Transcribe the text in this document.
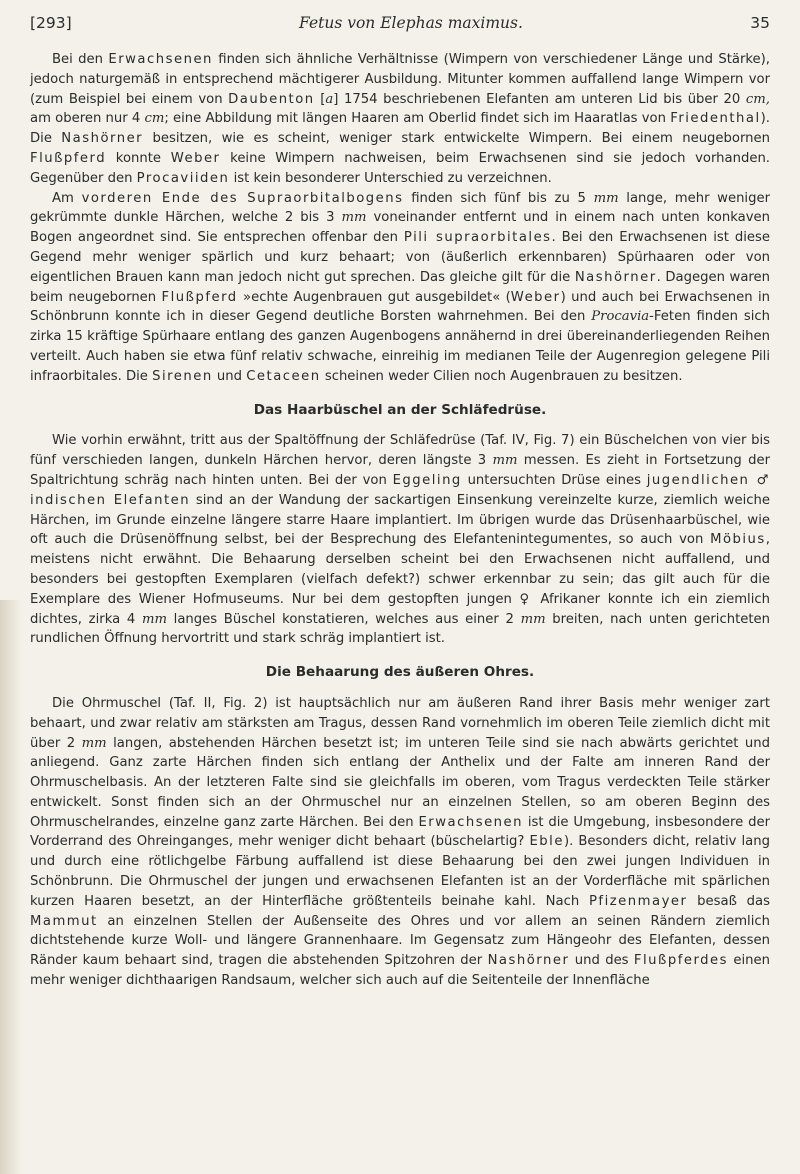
[293]	Fetus von Elephas maximus.	35

Bei den Erwachsenen finden sich ähnliche Verhältnisse (Wimpern von verschiedener Länge und Stärke), jedoch naturgemäß in entsprechend mächtigerer Ausbildung. Mitunter kommen auffallend lange Wimpern vor (zum Beispiel bei einem von Daubenton [a] 1754 beschriebenen Elefanten am unteren Lid bis über 20 cm, am oberen nur 4 cm; eine Abbildung mit längen Haaren am Oberlid findet sich im Haaratlas von Friedenthal). Die Nashörner besitzen, wie es scheint, weniger stark entwickelte Wimpern. Bei einem neugebornen Flußpferd konnte Weber keine Wimpern nachweisen, beim Erwachsenen sind sie jedoch vorhanden. Gegenüber den Procaviiden ist kein besonderer Unterschied zu verzeichnen.

Am vorderen Ende des Supraorbitalbogens finden sich fünf bis zu 5 mm lange, mehr weniger gekrümmte dunkle Härchen, welche 2 bis 3 mm voneinander entfernt und in einem nach unten konkaven Bogen angeordnet sind. Sie entsprechen offenbar den Pili supraorbitales. Bei den Erwachsenen ist diese Gegend mehr weniger spärlich und kurz behaart; von (äußerlich erkennbaren) Spürhaaren oder von eigentlichen Brauen kann man jedoch nicht gut sprechen. Das gleiche gilt für die Nashörner. Dagegen waren beim neugebornen Flußpferd »echte Augenbrauen gut ausgebildet« (Weber) und auch bei Erwachsenen in Schönbrunn konnte ich in dieser Gegend deutliche Borsten wahrnehmen. Bei den Procavia-Feten finden sich zirka 15 kräftige Spürhaare entlang des ganzen Augenbogens annähernd in drei übereinanderliegenden Reihen verteilt. Auch haben sie etwa fünf relativ schwache, einreihig im medianen Teile der Augenregion gelegene Pili infraorbitales. Die Sirenen und Cetaceen scheinen weder Cilien noch Augenbrauen zu besitzen.

Das Haarbüschel an der Schläfedrüse.

Wie vorhin erwähnt, tritt aus der Spaltöffnung der Schläfedrüse (Taf. IV, Fig. 7) ein Büschelchen von vier bis fünf verschieden langen, dunkeln Härchen hervor, deren längste 3 mm messen. Es zieht in Fortsetzung der Spaltrichtung schräg nach hinten unten. Bei der von Eggeling untersuchten Drüse eines jugendlichen ♂ indischen Elefanten sind an der Wandung der sackartigen Einsenkung vereinzelte kurze, ziemlich weiche Härchen, im Grunde einzelne längere starre Haare implantiert. Im übrigen wurde das Drüsenhaarbüschel, wie oft auch die Drüsenöffnung selbst, bei der Besprechung des Elefantenintegumentes, so auch von Möbius, meistens nicht erwähnt. Die Behaarung derselben scheint bei den Erwachsenen nicht auffallend, und besonders bei gestopften Exemplaren (vielfach defekt?) schwer erkennbar zu sein; das gilt auch für die Exemplare des Wiener Hofmuseums. Nur bei dem gestopften jungen ♀ Afrikaner konnte ich ein ziemlich dichtes, zirka 4 mm langes Büschel konstatieren, welches aus einer 2 mm breiten, nach unten gerichteten rundlichen Öffnung hervortritt und stark schräg implantiert ist.

Die Behaarung des äußeren Ohres.

Die Ohrmuschel (Taf. II, Fig. 2) ist hauptsächlich nur am äußeren Rand ihrer Basis mehr weniger zart behaart, und zwar relativ am stärksten am Tragus, dessen Rand vornehmlich im oberen Teile ziemlich dicht mit über 2 mm langen, abstehenden Härchen besetzt ist; im unteren Teile sind sie nach abwärts gerichtet und anliegend. Ganz zarte Härchen finden sich entlang der Anthelix und der Falte am inneren Rand der Ohrmuschelbasis. An der letzteren Falte sind sie gleichfalls im oberen, vom Tragus verdeckten Teile stärker entwickelt. Sonst finden sich an der Ohrmuschel nur an einzelnen Stellen, so am oberen Beginn des Ohrmuschelrandes, einzelne ganz zarte Härchen. Bei den Erwachsenen ist die Umgebung, insbesondere der Vorderrand des Ohreinganges, mehr weniger dicht behaart (büschelartig? Eble). Besonders dicht, relativ lang und durch eine rötlichgelbe Färbung auffallend ist diese Behaarung bei den zwei jungen Individuen in Schönbrunn. Die Ohrmuschel der jungen und erwachsenen Elefanten ist an der Vorderfläche mit spärlichen kurzen Haaren besetzt, an der Hinterfläche größtenteils beinahe kahl. Nach Pfizenmayer besaß das Mammut an einzelnen Stellen der Außenseite des Ohres und vor allem an seinen Rändern ziemlich dichtstehende kurze Woll- und längere Grannenhaare. Im Gegensatz zum Hängeohr des Elefanten, dessen Ränder kaum behaart sind, tragen die abstehenden Spitzohren der Nashörner und des Flußpferdes einen mehr weniger dichthaarigen Randsaum, welcher sich auch auf die Seitenteile der Innenfläche
